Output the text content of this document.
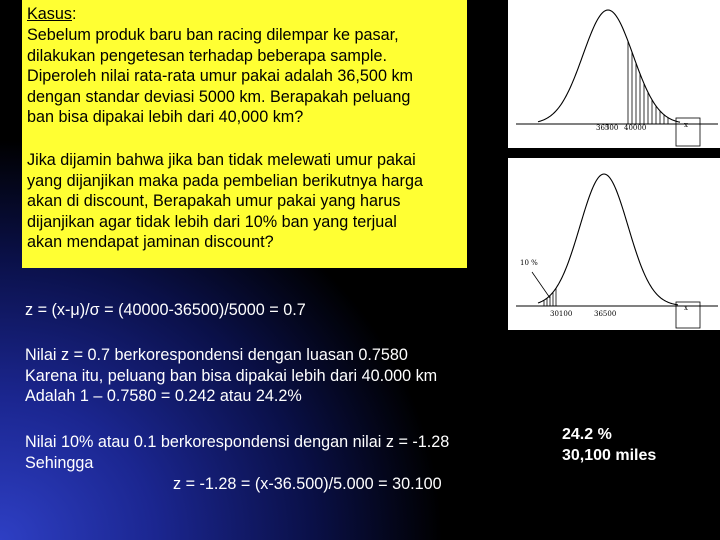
Kasus:
Sebelum produk baru ban racing dilempar ke pasar,
dilakukan pengetesan terhadap beberapa sample.
Diperoleh nilai rata-rata umur pakai adalah 36,500 km
dengan standar deviasi 5000 km. Berapakah peluang
ban bisa dipakai lebih dari 40,000 km?
Jika dijamin bahwa jika ban tidak melewati umur pakai
yang dijanjikan maka pada pembelian berikutnya harga
akan di discount, Berapakah umur pakai yang harus
dijanjikan agar tidak lebih dari 10% ban yang terjual
akan mendapat jaminan discount?
z = (x-μ)/σ = (40000-36500)/5000 = 0.7
Nilai z = 0.7 berkorespondensi dengan luasan 0.7580
Karena itu, peluang ban bisa dipakai lebih dari 40.000 km
Adalah 1 – 0.7580 = 0.242 atau 24.2%
Nilai 10% atau 0.1 berkorespondensi dengan nilai z = -1.28
Sehingga
z = -1.28 = (x-36.500)/5.000 = 30.100
36500 40000	x
10 %
30100	36500
x
24.2 %
30,100 miles
